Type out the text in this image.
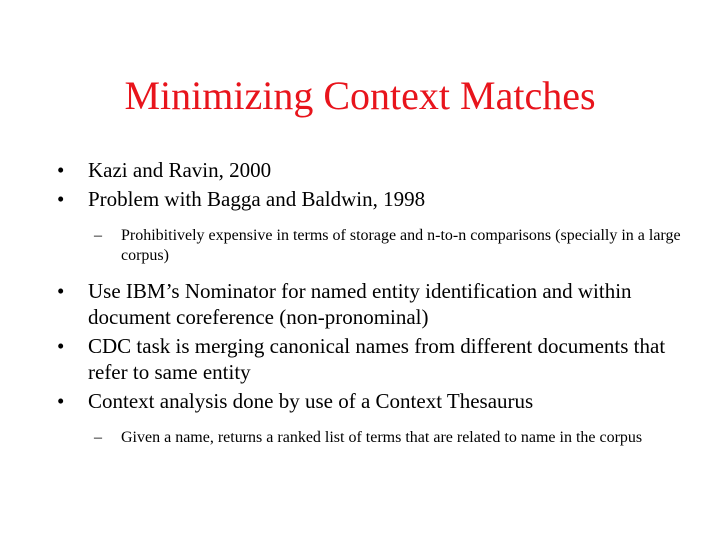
Minimizing Context Matches
• Kazi and Ravin, 2000
• Problem with Bagga and Baldwin, 1998
– Prohibitively expensive in terms of storage and n-to-n comparisons (specially in a large corpus)
• Use IBM’s Nominator for named entity identification and within document coreference (non-pronominal)
• CDC task is merging canonical names from different documents that refer to same entity
• Context analysis done by use of a Context Thesaurus
– Given a name, returns a ranked list of terms that are related to name in the corpus
